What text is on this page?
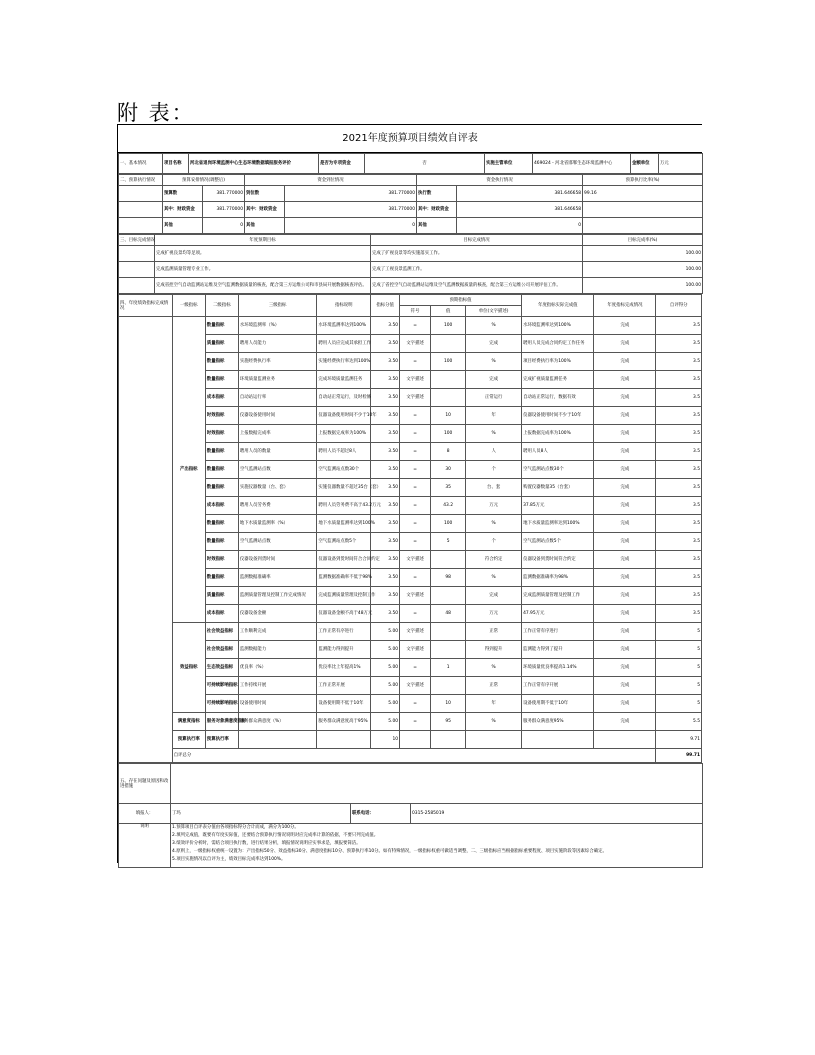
附 表：
2021年度预算项目绩效自评表
一、基本情况	项目名称	河北省退岗环境监测中心生态环境数据填报服务评价	是否为专项资金	否	实施主管单位	469024 - 河北省邯郸生态环境监测中心	金额单位	万元
二、预算执行情况	预算安排情况(调整后)		资金到位情况		资金执行情况		预算执行比率(%)
	预算数	381.770000	到位数	381.770000	执行数	381.646658	99.16
	其中：财政资金	381.770000	其中：财政资金	381.770000	其中：财政资金	381.646658	
	其他	0	其他	0	其他	0	
三、目标完成情况	年度预期目标	目标完成情况	目标完成率(%)
	完成扩视良景均等足项。	完成了扩视良景等均实施落实工作。	100.00
	完成监测质量管理专业工作。	完成了工视良景监测工作。	100.00
	完成省控空气自动监测站运维及空气监测数据质量的核查，配合第三方运维公司和市县局开展数据核查评估。	完成了省控空气自动监测站运维及空气监测数据质量的核查，配合第三方运维公司开展评估工作。	100.00
四、年度绩效指标完成情况	一级指标	二级指标	三级指标	指标说明	指标分值	预期指标值			年度指标实际完成值	年度指标完成情况	自评得分
						符号	值	单位(文字描述)			
	产出指标	数量指标	水环境监测率（%）	水环境监测率达到100%	3.50	=	100	%	水环境监测率达到100%	完成	3.5
		质量指标	聘用人员能力	聘用人员应完成其承担工作	3.50	文字描述		完成	聘用人员完成合同约定工作任务	完成	3.5
		数量指标	实施经费执行率	实施经费执行率达到100%	3.50	=	100	%	项目经费执行率为100%	完成	3.5
		数量指标	环境质量监测业务	完成环境质量监测任务	3.50	文字描述		完成	完成扩视质量监测任务	完成	3.5
		成本指标	自动站运行率	自动站正常运行，及时检修	3.50	文字描述		正常运行	自动站正常运行，数据有效	完成	3.5
		时效指标	仪器设备使用时间	仪器设备使用时间不少于10年	3.50	=	10	年	仪器设备使用时间不少于10年	完成	3.5
		时效指标	上报数据完成率	上报数据完成率为100%	3.50	=	100	%	上报数据完成率为100%	完成	3.5
		数量指标	聘用人员的数量	聘用人员不超过8人	3.50	=	8	人	聘用人员8人	完成	3.5
		数量指标	空气监测站点数	空气监测站点数30个	3.50	=	30	个	空气监测站点数30个	完成	3.5
		数量指标	实施仪器数量（台、套）	实施仪器数量不超过35台（套）	3.50	=	35	台、套	购置仪器数量35（台套）	完成	3.5
		成本指标	聘用人员劳务费	聘用人员劳务费不高于43.2万元	3.50	=	43.2	万元	37.85万元	完成	3.5
		数量指标	地下水质量监测率（%）	地下水质量监测率达到100%	3.50	=	100	%	地下水质量监测率达到100%	完成	3.5
		数量指标	空气监测站点数	空气监测站点数5个	3.50	=	5	个	空气监测站点数5个	完成	3.5
		时效指标	仪器设备到货时间	仪器设备到货时间符合合同约定	3.50	文字描述		符合约定	仪器设备到货时间符合约定	完成	3.5
		数量指标	监测数据准确率	监测数据准确率不低于98%	3.50	=	98	%	监测数据准确率为98%	完成	3.5
		质量指标	监测质量管理及控制工作完成情况	完成监测质量管理及控制工作	3.50	文字描述		完成	完成监测质量管理及控制工作	完成	3.5
		成本指标	仪器设备金额	仪器设备金额不高于48万元	3.50	=	48	万元	47.95万元	完成	3.5
	效益指标	社会效益指标	工作顺利完成	工作正常有序进行	5.00	文字描述		正常	工作正常有序进行	完成	5
		社会效益指标	监测数据能力	监测能力得到提升	5.00	文字描述		得到提升	监测能力得到了提升	完成	5
		生态效益指标	优良率（%）	优良率比上年提高1%	5.00	=	1	%	环境质量优良率提高1.14%	完成	5
		可持续影响指标	工作持续开展	工作正常开展	5.00	文字描述		正常	工作正常有序开展	完成	5
		可持续影响指标	设备使用时间	设备使用期不低于10年	5.00	=	10	年	设备使用期不低于10年	完成	5
	满意度指标	服务对象满意度指标	服务群众满意度（%）	服务群众满意度高于95%	5.00	=	95	%	服务群众满意度95%	完成	5.5
	预算执行率	预算执行率			10						9.71
	自评总分										99.71
五、存在问题及原因和改进措施			
填报人：	丁玛	联系电话：	0315-2585019
说明	1.预算项目自评表分值由各项指标得分合计而成，满分为100分。
2.填列完成值，既要有年度实际值，还要结合预算执行情况说明对应完成率计算的依据，不要只列完成值。
3.绩效评价分析时，需结合项目执行数，进行结果分析，填报情况说明应实事求是，填报要简洁。
4.原则上，一级指标权重统一设置为：产出指标50分、效益指标30分、满意度指标10分、预算执行率10分。如有特殊情况，一级指标权重可做适当调整，二、三级指标应当根据指标重要程度、项目实施阶段等因素综合确定。
5.项目实施情况以自评为主，绩效目标完成率达到100%。		
